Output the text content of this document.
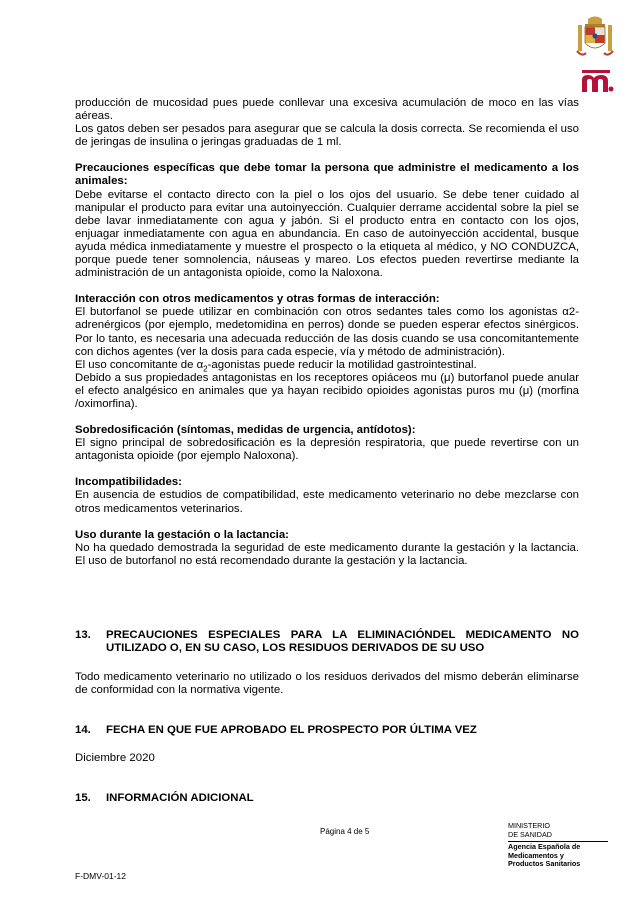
producción de mucosidad pues puede conllevar una excesiva acumulación de moco en las vías aéreas.

Los gatos deben ser pesados para asegurar que se calcula la dosis correcta. Se recomienda el uso de jeringas de insulina o jeringas graduadas de 1 ml.

Precauciones específicas que debe tomar la persona que administre el medicamento a los animales:

Debe evitarse el contacto directo con la piel o los ojos del usuario. Se debe tener cuidado al manipular el producto para evitar una autoinyección. Cualquier derrame accidental sobre la piel se debe lavar inmediatamente con agua y jabón. Si el producto entra en contacto con los ojos, enjuagar inmediatamente con agua en abundancia. En caso de autoinyección accidental, busque ayuda médica inmediatamente y muestre el prospecto o la etiqueta al médico, y NO CONDUZCA, porque puede tener somnolencia, náuseas y mareo. Los efectos pueden revertirse mediante la administración de un antagonista opioide, como la Naloxona.

Interacción con otros medicamentos y otras formas de interacción:

El butorfanol se puede utilizar en combinación con otros sedantes tales como los agonistas α2-adrenérgicos (por ejemplo, medetomidina en perros) donde se pueden esperar efectos sinérgicos. Por lo tanto, es necesaria una adecuada reducción de las dosis cuando se usa concomitantemente con dichos agentes (ver la dosis para cada especie, vía y método de administración).

El uso concomitante de $\alpha_2$-agonistas puede reducir la motilidad gastrointestinal.

Debido a sus propiedades antagonistas en los receptores opiáceos mu (μ) butorfanol puede anular el efecto analgésico en animales que ya hayan recibido opioides agonistas puros mu (μ) (morfina /oximorfina).

Sobredosificación (síntomas, medidas de urgencia, antídotos):

El signo principal de sobredosificación es la depresión respiratoria, que puede revertirse con un antagonista opioide (por ejemplo Naloxona).

Incompatibilidades:

En ausencia de estudios de compatibilidad, este medicamento veterinario no debe mezclarse con otros medicamentos veterinarios.

Uso durante la gestación o la lactancia:

No ha quedado demostrada la seguridad de este medicamento durante la gestación y la lactancia. El uso de butorfanol no está recomendado durante la gestación y la lactancia.

13. PRECAUCIONES ESPECIALES PARA LA ELIMINACIÓNDEL MEDICAMENTO NO UTILIZADO O, EN SU CASO, LOS RESIDUOS DERIVADOS DE SU USO
Todo medicamento veterinario no utilizado o los residuos derivados del mismo deberán eliminarse de conformidad con la normativa vigente.
14. FECHA EN QUE FUE APROBADO EL PROSPECTO POR ÚLTIMA VEZ
Diciembre 2020
15. INFORMACIÓN ADICIONAL
Página 4 de 5
F-DMV-01-12
MINISTERIO
DE SANIDAD
Agencia Española de
Medicamentos y
Productos Sanitarios
